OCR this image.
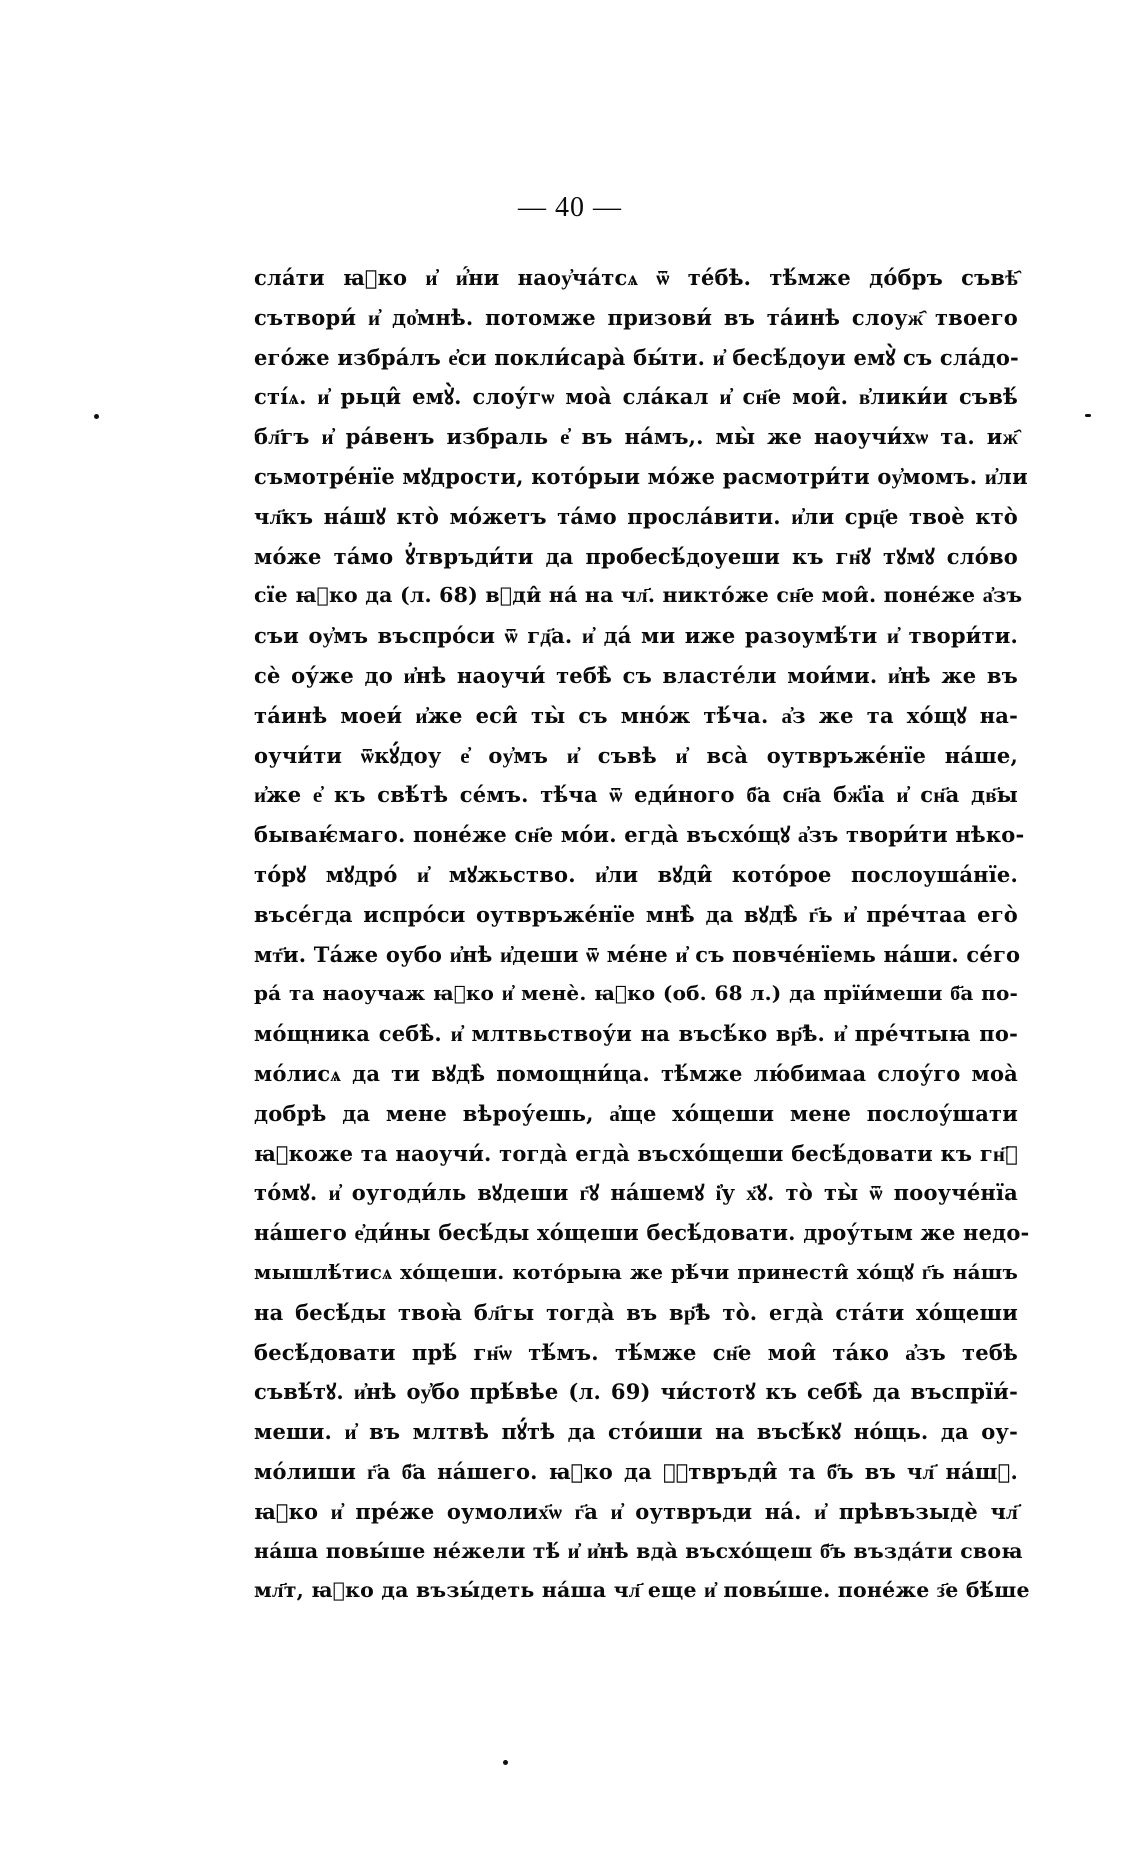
— 40 —
сла́ти ꙗ҆ко и҆ и҆́ни наоу҆ча́тсѧ ѿ те́бѣ. тѣ́мже до́бръ съвѣ҄
сътвори́ и҆ до҆мнѣ. потомже призови́ въ та́инѣ слоуж҄ твоего
его́же избра́лъ е҆си покли́сара̀ бы́ти. и҆ бесѣ́доуи емꙋ̀ съ сла́до-
сті́ѧ. и҆ рьци̂ емꙋ̀. слоу́гѡ моа̀ сла́кал и҆ сн҃е мои̂. в҆лики́и съвѣ́
бл҃гъ и҆ ра́венъ избраль е҆ въ на́мъ,. мы̀ же наоучи́хѡ та. иж҄
съмотре́нїе мꙋдрости, кото́рыи мо́же расмотри́ти оу҆момъ. и҆ли
чл҃къ на́шꙋ кто̀ мо́жетъ та́мо просла́вити. и҆ли срц҃е твоѐ кто̀
мо́же та́мо ꙋ҆твръди́ти да пробесѣ́доуеши къ гн҃ꙋ тꙋмꙋ сло́во
сїе ꙗ҆ко да (л. 68) вꙋди̂ на́ на чл҃. никто́же сн҃е мои̂. поне́же а҆зъ
съи оу҆мъ въспро́си ѿ гд҃а. и҆ да́ ми иже разоумѣ́ти и҆ твори́ти.
сѐ оу́же до и҆нѣ наоучи́ тебѣ̀ съ власте́ли мои́ми. и҆нѣ же въ
та́инѣ моеи́ и҆же еси̂ ты̀ съ мно́ж тѣ́ча. а҆з же та хо́щꙋ на-
оучи́ти ѿкꙋ́доу е҆ оу҆мъ и҆ съвѣ и҆ вса̀ оутвръже́нїе на́ше,
и҆же е҆ къ свѣ́тѣ се́мъ. тѣ́ча ѿ еди́ного б҃а сн҃а бж҃їа и҆ сн҃а дв҃ы
бываѥ́маго. поне́же сн҃е мо́и. егда̀ въсхо́щꙋ а҆зъ твори́ти нѣко-
то́рꙋ мꙋдро́ и҆ мꙋжьство. и҆ли вꙋди̂ кото́рое послоуша́нїе.
въсе́гда испро́си оутвръже́нїе мнѣ̀ да вꙋдѣ̀ г҃ь и҆ пре́чтаа его̀
мт҃и. Та́же оубо и҆нѣ и҆деши ѿ ме́не и҆ съ повче́нїемь на́ши. се́го
ра́ та наоучаж ꙗ҆ко и҆ менѐ. ꙗ҆ко (об. 68 л.) да прїи́меши б҃а по-
мо́щника себѣ̀. и҆ млтвьствоу́и на въсѣ́ко вр҃ѣ. и҆ пре́чтыꙗ по-
мо́лисѧ да ти вꙋдѣ̀ помощни́ца. тѣ́мже лю́бимаа слоу́го моа̀
добрѣ да мене вѣроу́ешь, а҆ще хо́щеши мене послоу́шати
ꙗ҆коже та наоучи́. тогда̀ егда̀ въсхо́щеши бесѣ́довати къ гн҃ꙋ
то́мꙋ. и҆ оугоди́ль вꙋдеши г҃ꙋ на́шемꙋ і҆у х҃ꙋ. то̀ ты̀ ѿ пооуче́нїа
на́шего е҆ди́ны бесѣ́ды хо́щеши бесѣ́довати. дроу́тым же недо-
мышлѣ́тисѧ хо́щеши. кото́рыꙗ же рѣ́чи принести̂ хо́щꙋ г҃ь на́шъ
на бесѣ́ды твоꙗ̀ бл҃гы тогда̀ въ вр҃ѣ то̀. егда̀ ста́ти хо́щеши
бесѣ́довати прѣ́ гн҃ѡ тѣ́мъ. тѣ́мже сн҃е мои̂ та́ко а҆зъ тебѣ
съвѣ́тꙋ. и҆нѣ оу҆бо прѣ́вѣе (л. 69) чи́стотꙋ къ себѣ̀ да въспрїи́-
меши. и҆ въ млтвѣ пꙋ́тѣ да сто́иши на въсѣ́кꙋ но́щь. да оу-
мо́лиши г҃а б҃а на́шего. ꙗ҆ко да ꙋ҆твръди̂ та б҃ъ въ чл҃ на́шꙋ.
ꙗ҆ко и҆ пре́же оумолих҃ѡ г҃а и҆ оутвръди на́. и҆ прѣвъзыдѐ чл҃
на́ша повы́ше не́жели тѣ́ и҆ и҆нѣ вда̀ въсхо́щеш б҃ъ възда́ти своꙗ
мл҃т, ꙗ҆ко да възы́деть на́ша чл҃ еще и҆ повы́ше. поне́же з҃е бѣ́ше
